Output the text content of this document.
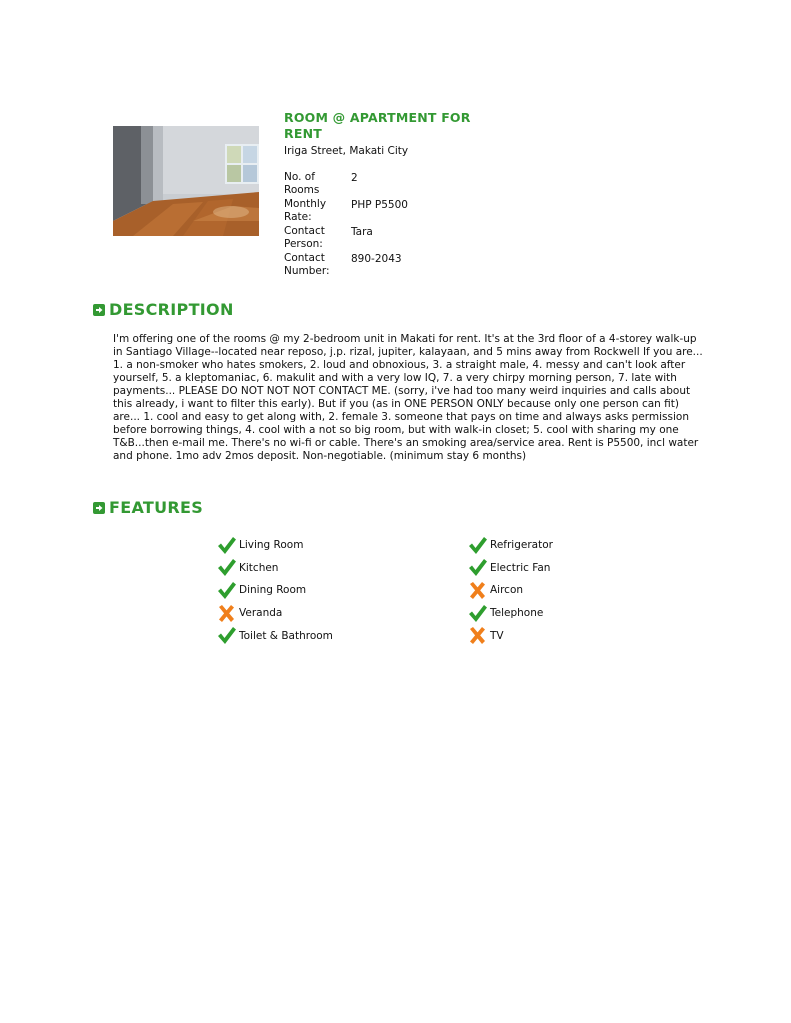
ROOM @ APARTMENT FOR RENT
Iriga Street, Makati City
No. of Rooms
2
Monthly Rate:
PHP P5500
Contact Person:
Tara
Contact Number:
890-2043
DESCRIPTION
I'm offering one of the rooms @ my 2-bedroom unit in Makati for rent. It's at the 3rd floor of a 4-storey walk-up in Santiago Village--located near reposo, j.p. rizal, jupiter, kalayaan, and 5 mins away from Rockwell If you are... 1. a non-smoker who hates smokers, 2. loud and obnoxious, 3. a straight male, 4. messy and can't look after yourself, 5. a kleptomaniac, 6. makulit and with a very low IQ, 7. a very chirpy morning person, 7. late with payments... PLEASE DO NOT NOT NOT CONTACT ME. (sorry, i've had too many weird inquiries and calls about this already, i want to filter this early). But if you (as in ONE PERSON ONLY because only one person can fit) are... 1. cool and easy to get along with, 2. female 3. someone that pays on time and always asks permission before borrowing things, 4. cool with a not so big room, but with walk-in closet; 5. cool with sharing my one T&B...then e-mail me. There's no wi-fi or cable. There's an smoking area/service area. Rent is P5500, incl water and phone. 1mo adv 2mos deposit. Non-negotiable. (minimum stay 6 months)
FEATURES
Living Room
Kitchen
Dining Room
Veranda
Toilet & Bathroom
Refrigerator
Electric Fan
Aircon
Telephone
TV
